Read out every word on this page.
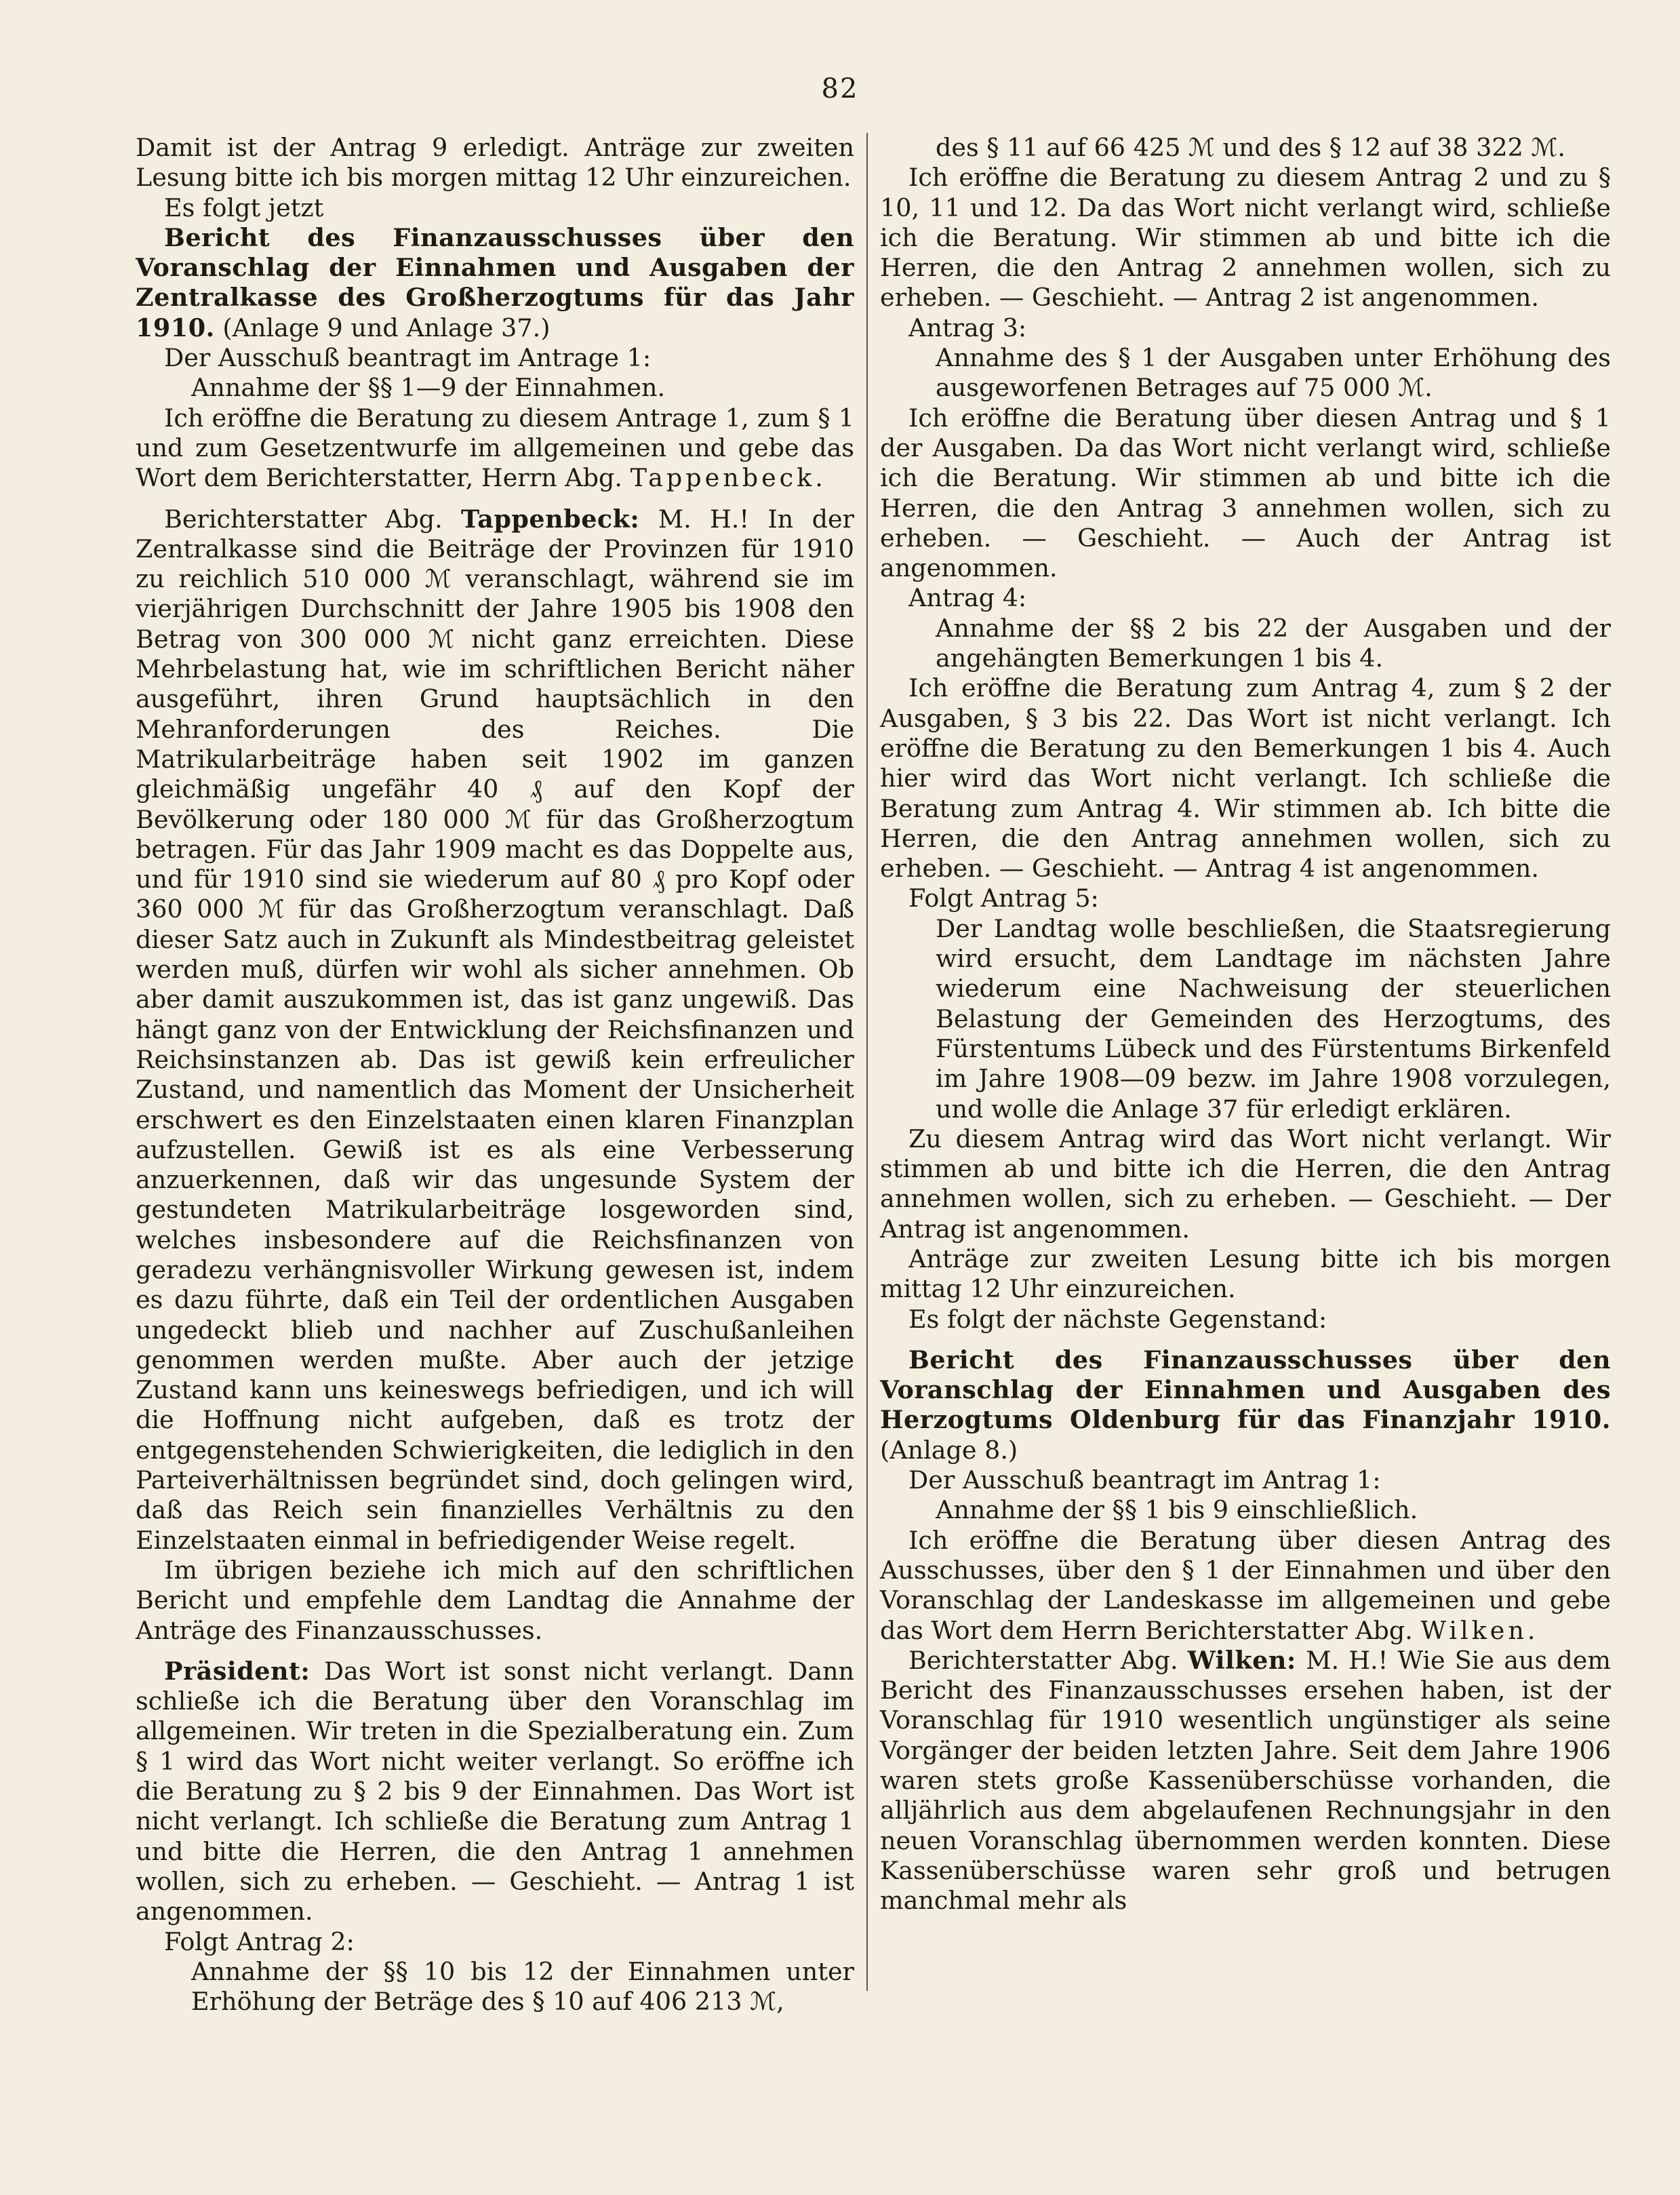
82

Damit ist der Antrag 9 erledigt. Anträge zur zweiten Lesung bitte ich bis morgen mittag 12 Uhr einzureichen.

Es folgt jetzt

Bericht des Finanzausschusses über den Voranschlag der Einnahmen und Ausgaben der Zentralkasse des Großherzogtums für das Jahr 1910. (Anlage 9 und Anlage 37.)

Der Ausschuß beantragt im Antrage 1:

Annahme der §§ 1—9 der Einnahmen.

Ich eröffne die Beratung zu diesem Antrage 1, zum § 1 und zum Gesetzentwurfe im allgemeinen und gebe das Wort dem Berichterstatter, Herrn Abg. Tappenbeck.

Berichterstatter Abg. Tappenbeck: M. H.! In der Zentralkasse sind die Beiträge der Provinzen für 1910 zu reichlich 510 000 ℳ veranschlagt, während sie im vierjährigen Durchschnitt der Jahre 1905 bis 1908 den Betrag von 300 000 ℳ nicht ganz erreichten. Diese Mehrbelastung hat, wie im schriftlichen Bericht näher ausgeführt, ihren Grund hauptsächlich in den Mehranforderungen des Reiches. Die Matrikularbeiträge haben seit 1902 im ganzen gleichmäßig ungefähr 40 ₰ auf den Kopf der Bevölkerung oder 180 000 ℳ für das Großherzogtum betragen. Für das Jahr 1909 macht es das Doppelte aus, und für 1910 sind sie wiederum auf 80 ₰ pro Kopf oder 360 000 ℳ für das Großherzogtum veranschlagt. Daß dieser Satz auch in Zukunft als Mindestbeitrag geleistet werden muß, dürfen wir wohl als sicher annehmen. Ob aber damit auszukommen ist, das ist ganz ungewiß. Das hängt ganz von der Entwicklung der Reichsfinanzen und Reichsinstanzen ab. Das ist gewiß kein erfreulicher Zustand, und namentlich das Moment der Unsicherheit erschwert es den Einzelstaaten einen klaren Finanzplan aufzustellen. Gewiß ist es als eine Verbesserung anzuerkennen, daß wir das ungesunde System der gestundeten Matrikularbeiträge losgeworden sind, welches insbesondere auf die Reichsfinanzen von geradezu verhängnisvoller Wirkung gewesen ist, indem es dazu führte, daß ein Teil der ordentlichen Ausgaben ungedeckt blieb und nachher auf Zuschußanleihen genommen werden mußte. Aber auch der jetzige Zustand kann uns keineswegs befriedigen, und ich will die Hoffnung nicht aufgeben, daß es trotz der entgegenstehenden Schwierigkeiten, die lediglich in den Parteiverhältnissen begründet sind, doch gelingen wird, daß das Reich sein finanzielles Verhältnis zu den Einzelstaaten einmal in befriedigender Weise regelt.

Im übrigen beziehe ich mich auf den schriftlichen Bericht und empfehle dem Landtag die Annahme der Anträge des Finanzausschusses.

Präsident: Das Wort ist sonst nicht verlangt. Dann schließe ich die Beratung über den Voranschlag im allgemeinen. Wir treten in die Spezialberatung ein. Zum § 1 wird das Wort nicht weiter verlangt. So eröffne ich die Beratung zu § 2 bis 9 der Einnahmen. Das Wort ist nicht verlangt. Ich schließe die Beratung zum Antrag 1 und bitte die Herren, die den Antrag 1 annehmen wollen, sich zu erheben. — Geschieht. — Antrag 1 ist angenommen.

Folgt Antrag 2:

Annahme der §§ 10 bis 12 der Einnahmen unter Erhöhung der Beträge des § 10 auf 406 213 ℳ,

des § 11 auf 66 425 ℳ und des § 12 auf 38 322 ℳ.

Ich eröffne die Beratung zu diesem Antrag 2 und zu § 10, 11 und 12. Da das Wort nicht verlangt wird, schließe ich die Beratung. Wir stimmen ab und bitte ich die Herren, die den Antrag 2 annehmen wollen, sich zu erheben. — Geschieht. — Antrag 2 ist angenommen.

Antrag 3:

Annahme des § 1 der Ausgaben unter Erhöhung des ausgeworfenen Betrages auf 75 000 ℳ.

Ich eröffne die Beratung über diesen Antrag und § 1 der Ausgaben. Da das Wort nicht verlangt wird, schließe ich die Beratung. Wir stimmen ab und bitte ich die Herren, die den Antrag 3 annehmen wollen, sich zu erheben. — Geschieht. — Auch der Antrag ist angenommen.

Antrag 4:

Annahme der §§ 2 bis 22 der Ausgaben und der angehängten Bemerkungen 1 bis 4.

Ich eröffne die Beratung zum Antrag 4, zum § 2 der Ausgaben, § 3 bis 22. Das Wort ist nicht verlangt. Ich eröffne die Beratung zu den Bemerkungen 1 bis 4. Auch hier wird das Wort nicht verlangt. Ich schließe die Beratung zum Antrag 4. Wir stimmen ab. Ich bitte die Herren, die den Antrag annehmen wollen, sich zu erheben. — Geschieht. — Antrag 4 ist angenommen.

Folgt Antrag 5:

Der Landtag wolle beschließen, die Staatsregierung wird ersucht, dem Landtage im nächsten Jahre wiederum eine Nachweisung der steuerlichen Belastung der Gemeinden des Herzogtums, des Fürstentums Lübeck und des Fürstentums Birkenfeld im Jahre 1908—09 bezw. im Jahre 1908 vorzulegen, und wolle die Anlage 37 für erledigt erklären.

Zu diesem Antrag wird das Wort nicht verlangt. Wir stimmen ab und bitte ich die Herren, die den Antrag annehmen wollen, sich zu erheben. — Geschieht. — Der Antrag ist angenommen.

Anträge zur zweiten Lesung bitte ich bis morgen mittag 12 Uhr einzureichen.

Es folgt der nächste Gegenstand:

Bericht des Finanzausschusses über den Voranschlag der Einnahmen und Ausgaben des Herzogtums Oldenburg für das Finanzjahr 1910. (Anlage 8.)

Der Ausschuß beantragt im Antrag 1:

Annahme der §§ 1 bis 9 einschließlich.

Ich eröffne die Beratung über diesen Antrag des Ausschusses, über den § 1 der Einnahmen und über den Voranschlag der Landeskasse im allgemeinen und gebe das Wort dem Herrn Berichterstatter Abg. Wilken.

Berichterstatter Abg. Wilken: M. H.! Wie Sie aus dem Bericht des Finanzausschusses ersehen haben, ist der Voranschlag für 1910 wesentlich ungünstiger als seine Vorgänger der beiden letzten Jahre. Seit dem Jahre 1906 waren stets große Kassenüberschüsse vorhanden, die alljährlich aus dem abgelaufenen Rechnungsjahr in den neuen Voranschlag übernommen werden konnten. Diese Kassenüberschüsse waren sehr groß und betrugen manchmal mehr als
